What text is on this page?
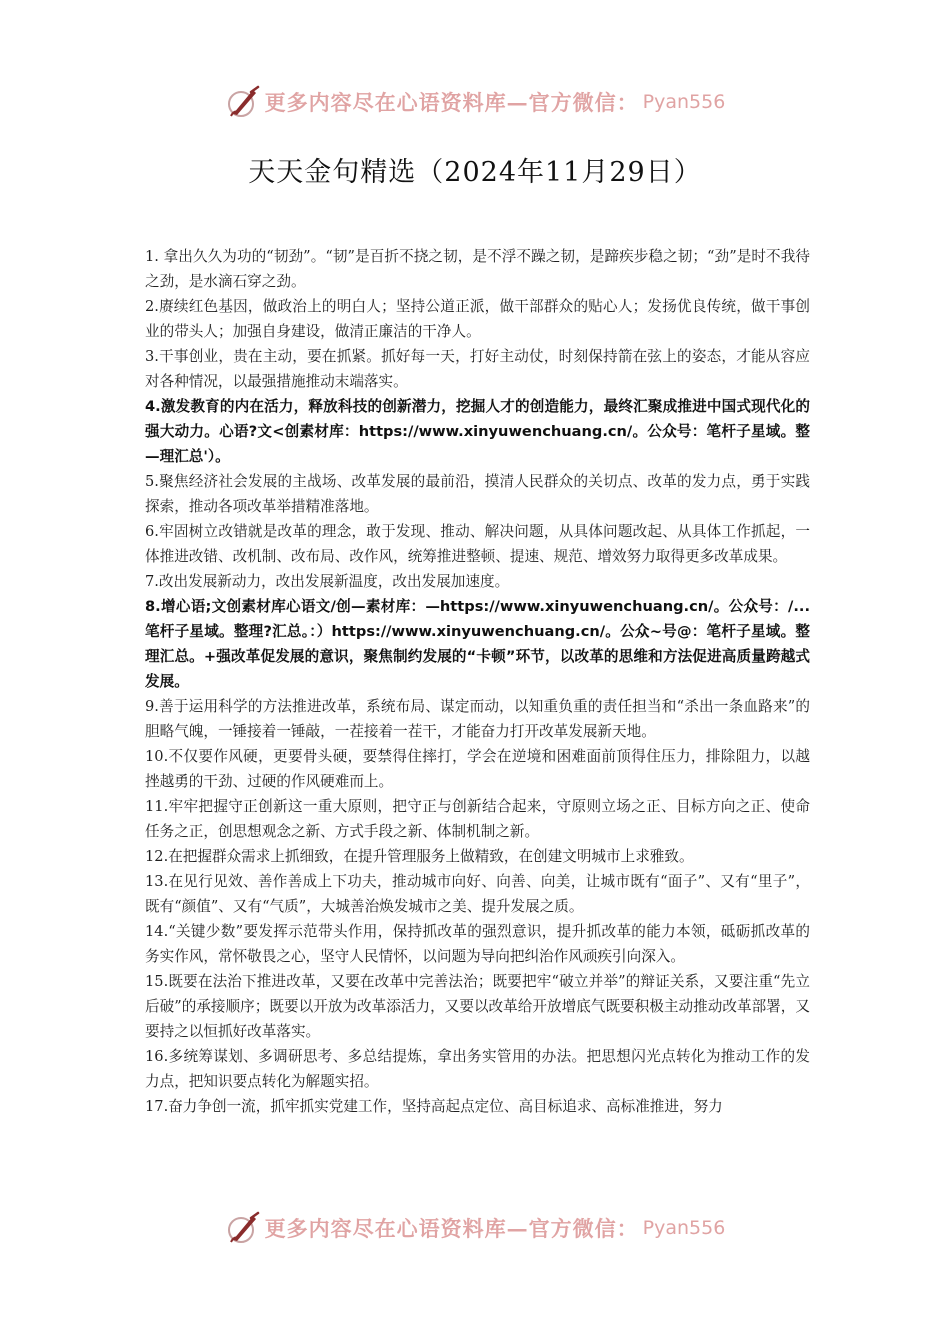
更多内容尽在心语资料库—官方微信： Pyan556
天天金句精选（2024年11月29日）

1. 拿出久久为功的“韧劲”。“韧”是百折不挠之韧，是不浮不躁之韧，是蹄疾步稳之韧；“劲”是时不我待之劲，是水滴石穿之劲。

2.赓续红色基因，做政治上的明白人；坚持公道正派，做干部群众的贴心人；发扬优良传统，做干事创业的带头人；加强自身建设，做清正廉洁的干净人。

3.干事创业，贵在主动，要在抓紧。抓好每一天，打好主动仗，时刻保持箭在弦上的姿态，才能从容应对各种情况，以最强措施推动末端落实。

4.激发教育的内在活力，释放科技的创新潜力，挖掘人才的创造能力，最终汇聚成推进中国式现代化的强大动力。心语?文<创素材库：https://www.xinyuwenchuang.cn/。公众号：笔杆子星域。整—理汇总'）。

5.聚焦经济社会发展的主战场、改革发展的最前沿，摸清人民群众的关切点、改革的发力点，勇于实践探索，推动各项改革举措精准落地。

6.牢固树立改错就是改革的理念，敢于发现、推动、解决问题，从具体问题改起、从具体工作抓起，一体推进改错、改机制、改布局、改作风，统筹推进整顿、提速、规范、增效努力取得更多改革成果。

7.改出发展新动力，改出发展新温度，改出发展加速度。

8.增心语;文创素材库心语文/创—素材库：—https://www.xinyuwenchuang.cn/。公众号：/...笔杆子星域。整理?汇总。：）https://www.xinyuwenchuang.cn/。公众~号@：笔杆子星域。整理汇总。+强改革促发展的意识，聚焦制约发展的“卡顿”环节，以改革的思维和方法促进高质量跨越式发展。

9.善于运用科学的方法推进改革，系统布局、谋定而动，以知重负重的责任担当和“杀出一条血路来”的胆略气魄，一锤接着一锤敲，一茬接着一茬干，才能奋力打开改革发展新天地。

10.不仅要作风硬，更要骨头硬，要禁得住摔打，学会在逆境和困难面前顶得住压力，排除阻力，以越挫越勇的干劲、过硬的作风硬难而上。

11.牢牢把握守正创新这一重大原则，把守正与创新结合起来，守原则立场之正、目标方向之正、使命任务之正，创思想观念之新、方式手段之新、体制机制之新。

12.在把握群众需求上抓细致，在提升管理服务上做精致，在创建文明城市上求雅致。

13.在见行见效、善作善成上下功夫，推动城市向好、向善、向美，让城市既有“面子”、又有“里子”，既有“颜值”、又有“气质”，大城善治焕发城市之美、提升发展之质。

14.“关键少数”要发挥示范带头作用，保持抓改革的强烈意识，提升抓改革的能力本领，砥砺抓改革的务实作风，常怀敬畏之心，坚守人民情怀，以问题为导向把纠治作风顽疾引向深入。

15.既要在法治下推进改革，又要在改革中完善法治；既要把牢“破立并举”的辩证关系，又要注重“先立后破”的承接顺序；既要以开放为改革添活力，又要以改革给开放增底气既要积极主动推动改革部署，又要持之以恒抓好改革落实。

16.多统筹谋划、多调研思考、多总结提炼，拿出务实管用的办法。把思想闪光点转化为推动工作的发力点，把知识要点转化为解题实招。

17.奋力争创一流，抓牢抓实党建工作，坚持高起点定位、高目标追求、高标准推进，努力

更多内容尽在心语资料库—官方微信： Pyan556
